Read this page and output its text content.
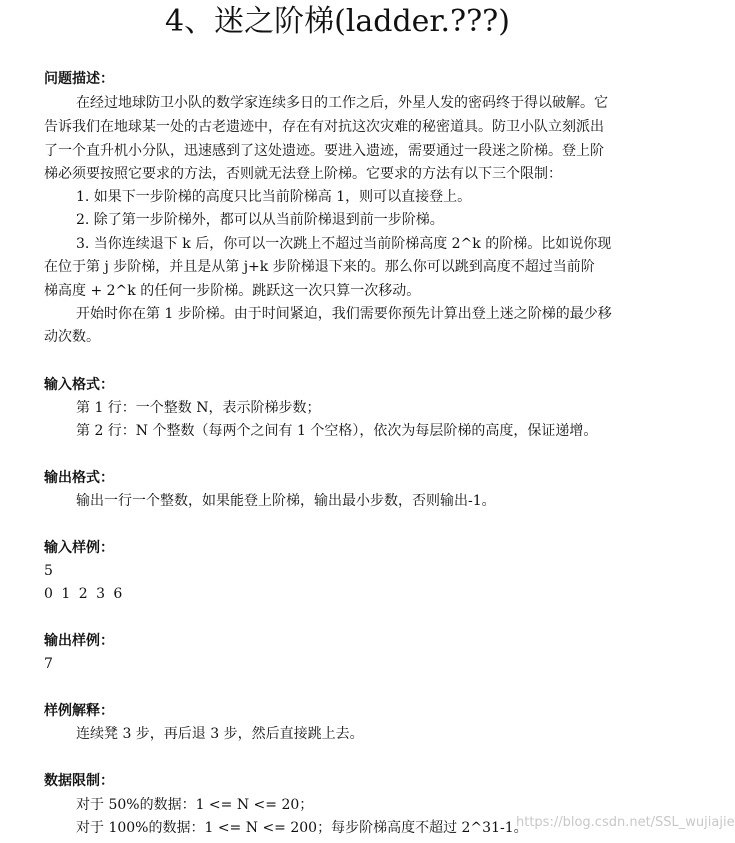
4、迷之阶梯(ladder.???)
问题描述：
在经过地球防卫小队的数学家连续多日的工作之后，外星人发的密码终于得以破解。它
告诉我们在地球某一处的古老遗迹中，存在有对抗这次灾难的秘密道具。防卫小队立刻派出
了一个直升机小分队，迅速感到了这处遗迹。要进入遗迹，需要通过一段迷之阶梯。登上阶
梯必须要按照它要求的方法，否则就无法登上阶梯。它要求的方法有以下三个限制：
1. 如果下一步阶梯的高度只比当前阶梯高 1，则可以直接登上。
2. 除了第一步阶梯外，都可以从当前阶梯退到前一步阶梯。
3. 当你连续退下 k 后，你可以一次跳上不超过当前阶梯高度 2^k 的阶梯。比如说你现
在位于第 j 步阶梯，并且是从第 j+k 步阶梯退下来的。那么你可以跳到高度不超过当前阶
梯高度 + 2^k 的任何一步阶梯。跳跃这一次只算一次移动。
开始时你在第 1 步阶梯。由于时间紧迫，我们需要你预先计算出登上迷之阶梯的最少移
动次数。
输入格式：
第 1 行：一个整数 N，表示阶梯步数；
第 2 行：N 个整数（每两个之间有 1 个空格），依次为每层阶梯的高度，保证递增。
输出格式：
输出一行一个整数，如果能登上阶梯，输出最小步数，否则输出-1。
输入样例：
5
0 1 2 3 6
输出样例：
7
样例解释：
连续凳 3 步，再后退 3 步，然后直接跳上去。
数据限制：
对于 50%的数据：1 <= N <= 20；
对于 100%的数据：1 <= N <= 200；每步阶梯高度不超过 2^31-1。
https://blog.csdn.net/SSL_wujiajie
